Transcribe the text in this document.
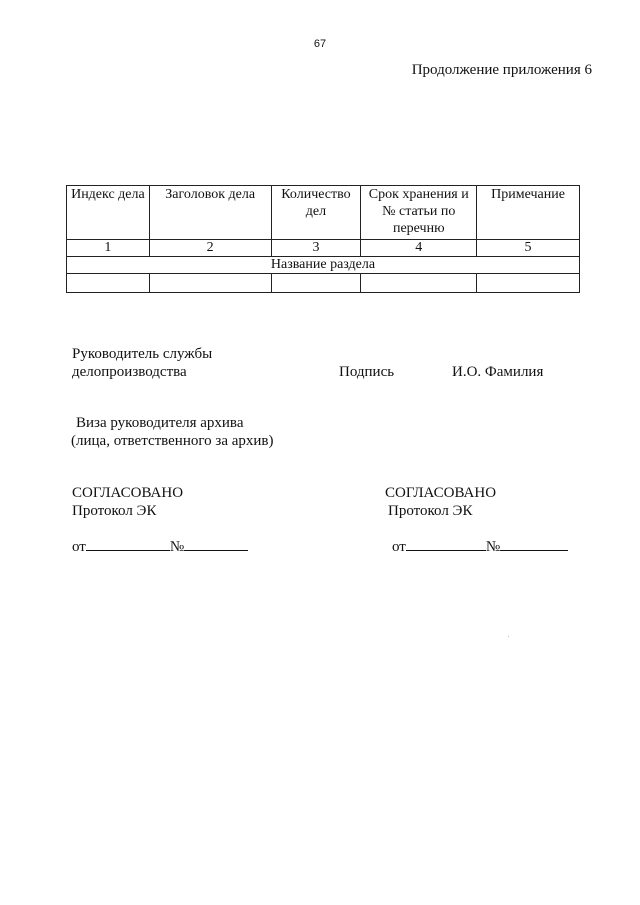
67
Продолжение приложения 6
Индекс дела	Заголовок дела	Количество дел	Срок хранения и № статьи по перечню	Примечание
1	2	3	4	5
Название раздела				

Руководитель службы
делопроизводства	Подпись	И.О. Фамилия
Виза руководителя архива
(лица, ответственного за архив)
СОГЛАСОВАНО
Протокол ЭК
от	№
СОГЛАСОВАНО
Протокол ЭК
от	№
